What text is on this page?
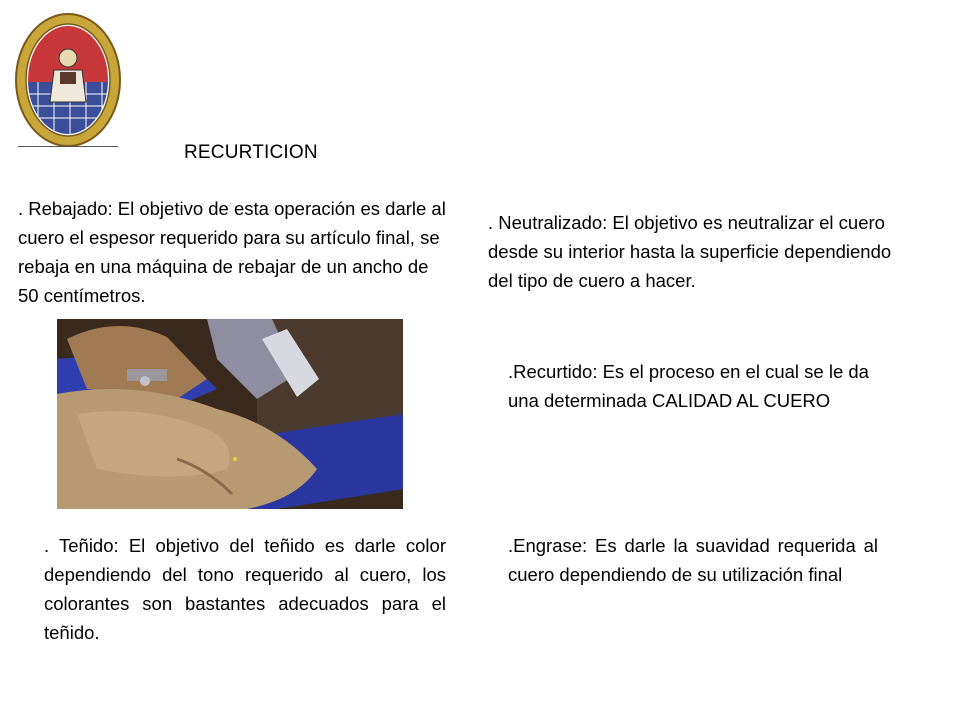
·	·
RECURTICION
. Rebajado: El objetivo de esta operación es darle al cuero el espesor requerido para su artículo final, se rebaja en una máquina de rebajar de un ancho de 50 centímetros.
. Neutralizado: El objetivo es neutralizar el cuero desde su interior hasta la superficie dependiendo del tipo de cuero a hacer.
.Recurtido: Es el proceso en el cual se le da una determinada CALIDAD AL CUERO
. Teñido: El objetivo del teñido es darle color dependiendo del tono requerido al cuero, los colorantes son bastantes adecuados para el teñido.
.Engrase: Es darle la suavidad requerida al cuero dependiendo de su utilización final
